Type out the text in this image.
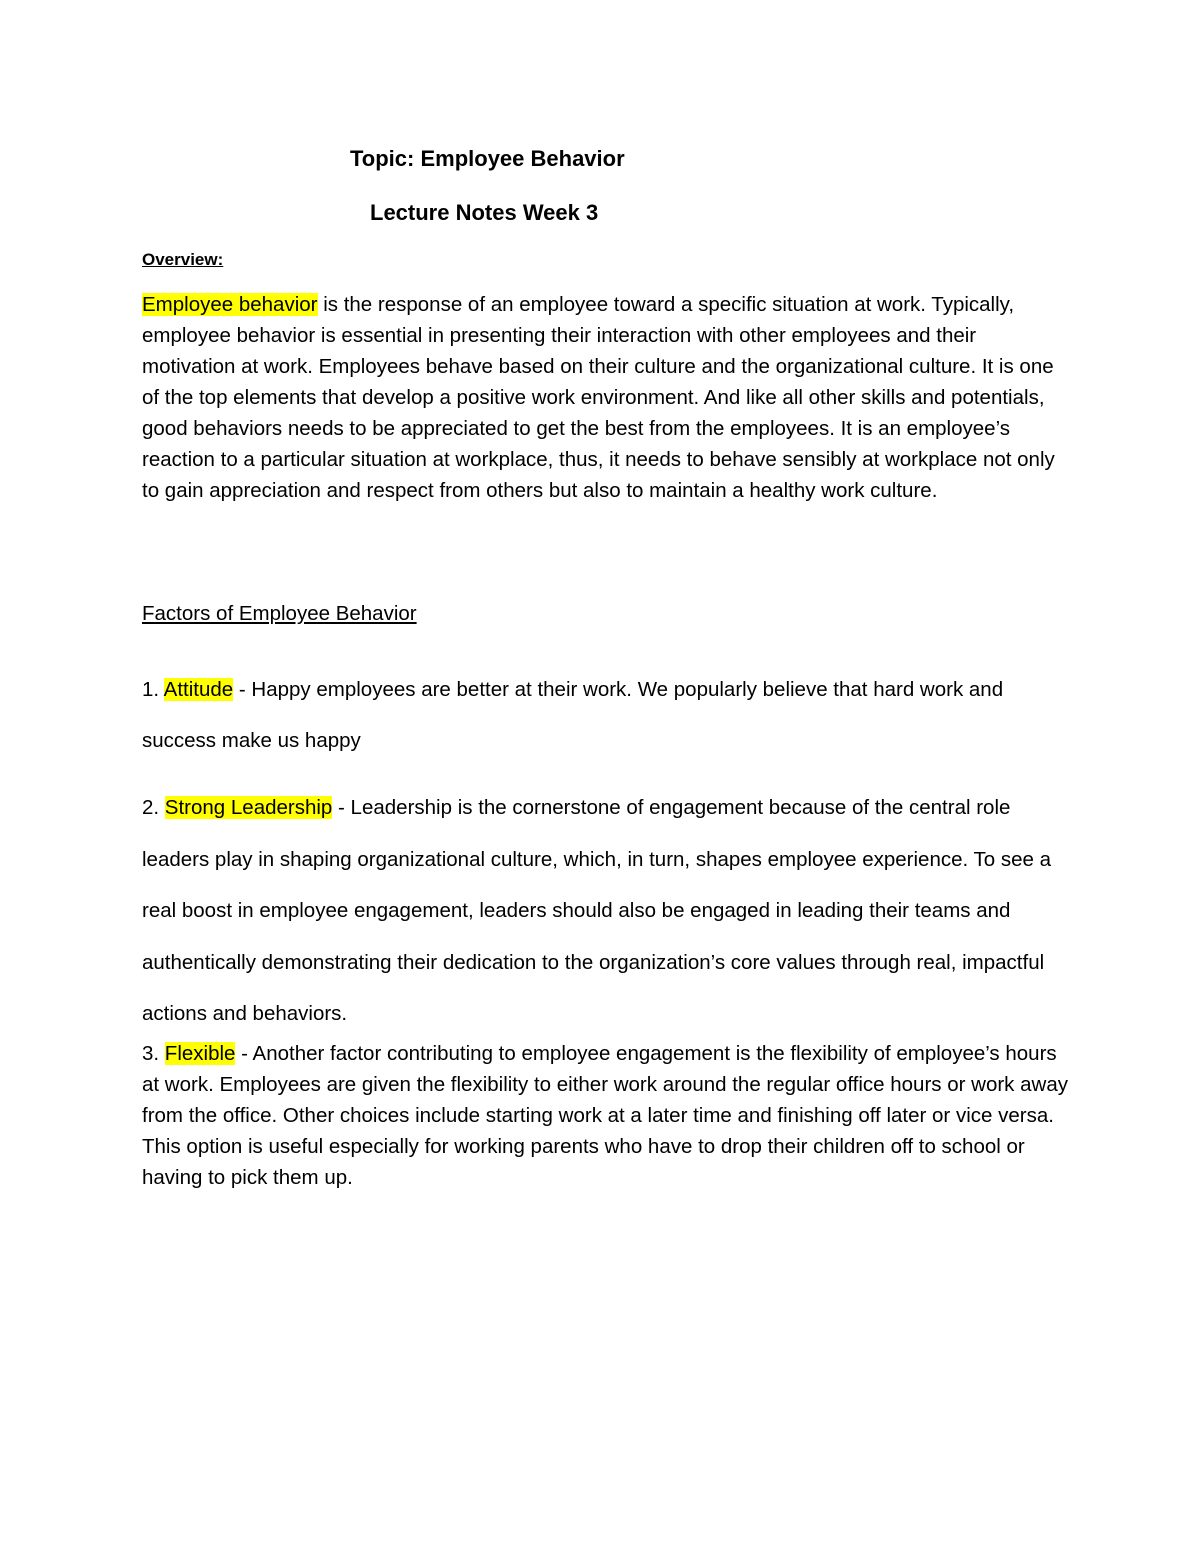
Topic: Employee Behavior
Lecture Notes Week 3
Overview:

Employee behavior is the response of an employee toward a specific situation at work. Typically, employee behavior is essential in presenting their interaction with other employees and their motivation at work. Employees behave based on their culture and the organizational culture. It is one of the top elements that develop a positive work environment. And like all other skills and potentials, good behaviors needs to be appreciated to get the best from the employees. It is an employee’s reaction to a particular situation at workplace, thus, it needs to behave sensibly at workplace not only to gain appreciation and respect from others but also to maintain a healthy work culture.

Factors of Employee Behavior

1. Attitude - Happy employees are better at their work. We popularly believe that hard work and success make us happy

2. Strong Leadership - Leadership is the cornerstone of engagement because of the central role leaders play in shaping organizational culture, which, in turn, shapes employee experience. To see a real boost in employee engagement, leaders should also be engaged in leading their teams and authentically demonstrating their dedication to the organization’s core values through real, impactful actions and behaviors.

3. Flexible - Another factor contributing to employee engagement is the flexibility of employee’s hours at work. Employees are given the flexibility to either work around the regular office hours or work away from the office. Other choices include starting work at a later time and finishing off later or vice versa. This option is useful especially for working parents who have to drop their children off to school or having to pick them up.
